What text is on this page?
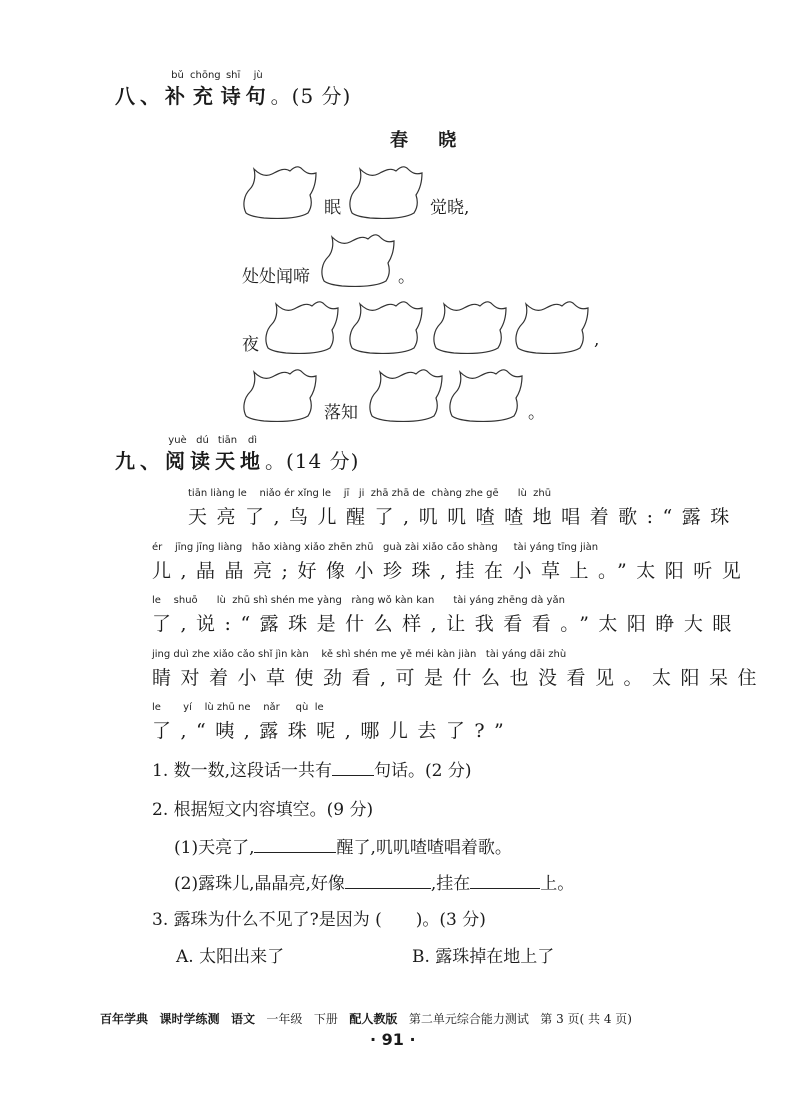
八、
bǔ
补
chōng
充
shī
诗
jù
句 。(5 分)
春 晓
眠	觉晓,
处处闻啼	。
夜	,
落知	。
九、
yuè
阅
dú
读
tiān
天
dì
地 。(14 分)
tiān liàng le    niǎo ér xǐng le    jī   ji  zhā zhā de  chàng zhe gē      lù  zhū
天亮了,鸟儿醒了,叽叽喳喳地唱着歌:“露珠
ér    jīng jīng liàng   hǎo xiàng xiǎo zhēn zhū   guà zài xiǎo cǎo shàng     tài yáng tīng jiàn
儿,晶晶亮;好像小珍珠,挂在小草上。”太阳听见
le    shuō      lù  zhū shì shén me yàng   ràng wǒ kàn kan      tài yáng zhēng dà yǎn
了,说:“露珠是什么样,让我看看。”太阳睁大眼
jing duì zhe xiǎo cǎo shǐ jìn kàn    kě shì shén me yě méi kàn jiàn   tài yáng dāi zhù
睛对着小草使劲看,可是什么也没看见。太阳呆住
le       yí    lù zhū ne    nǎr     qù  le
了,“咦,露珠呢,哪儿去了?”
1. 数一数,这段话一共有 句话。(2 分)
2. 根据短文内容填空。(9 分)
(1)天亮了,	醒了,叽叽喳喳唱着歌。
(2)露珠儿,晶晶亮,好像	,挂在	上。
3. 露珠为什么不见了?是因为 ( )。(3 分)
A. 太阳出来了	B. 露珠掉在地上了
百年学典 课时学练测 语文 一年级 下册 配人教版 第二单元综合能力测试 第 3 页( 共 4 页)
· 91 ·
